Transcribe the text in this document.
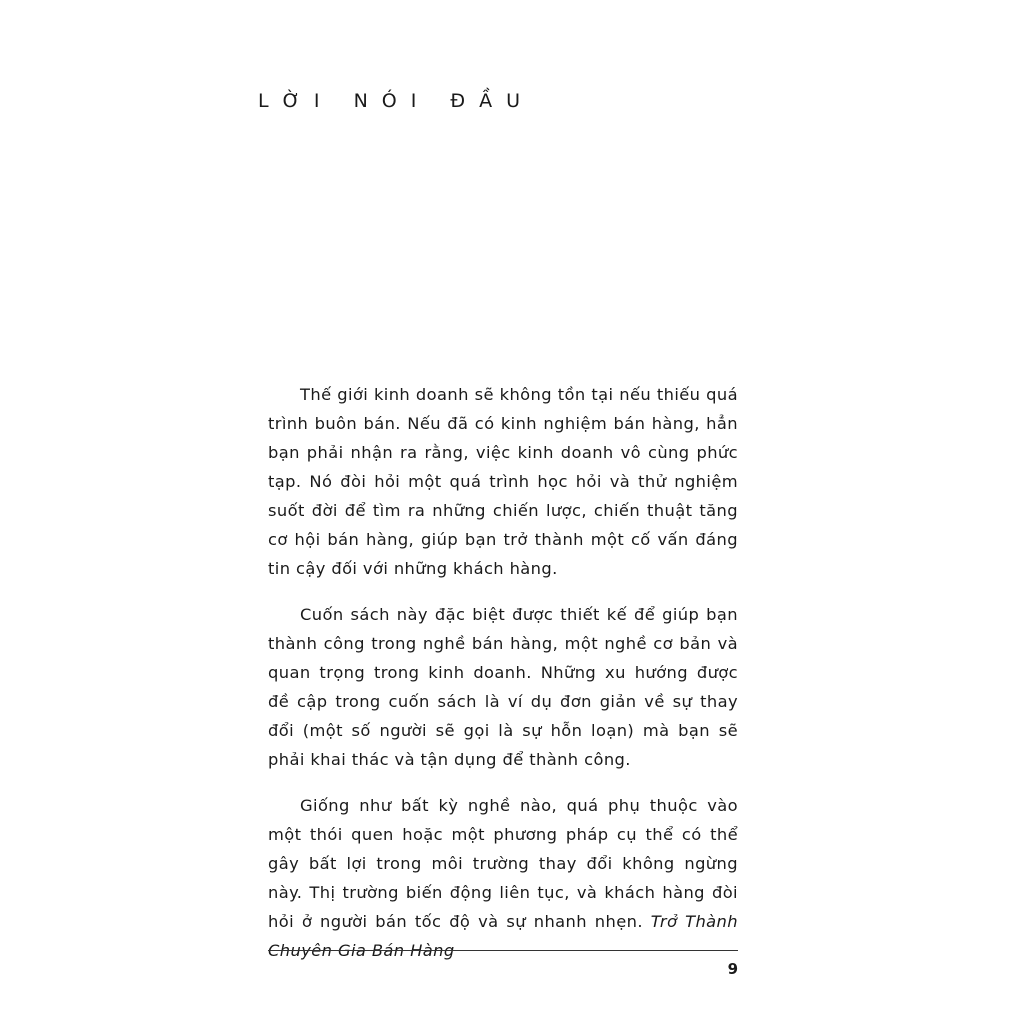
LỜI NÓI ĐẦU

Thế giới kinh doanh sẽ không tồn tại nếu thiếu quá trình buôn bán. Nếu đã có kinh nghiệm bán hàng, hẳn bạn phải nhận ra rằng, việc kinh doanh vô cùng phức tạp. Nó đòi hỏi một quá trình học hỏi và thử nghiệm suốt đời để tìm ra những chiến lược, chiến thuật tăng cơ hội bán hàng, giúp bạn trở thành một cố vấn đáng tin cậy đối với những khách hàng.

Cuốn sách này đặc biệt được thiết kế để giúp bạn thành công trong nghề bán hàng, một nghề cơ bản và quan trọng trong kinh doanh. Những xu hướng được đề cập trong cuốn sách là ví dụ đơn giản về sự thay đổi (một số người sẽ gọi là sự hỗn loạn) mà bạn sẽ phải khai thác và tận dụng để thành công.

Giống như bất kỳ nghề nào, quá phụ thuộc vào một thói quen hoặc một phương pháp cụ thể có thể gây bất lợi trong môi trường thay đổi không ngừng này. Thị trường biến động liên tục, và khách hàng đòi hỏi ở người bán tốc độ và sự nhanh nhẹn. Trở Thành Chuyên Gia Bán Hàng

9
